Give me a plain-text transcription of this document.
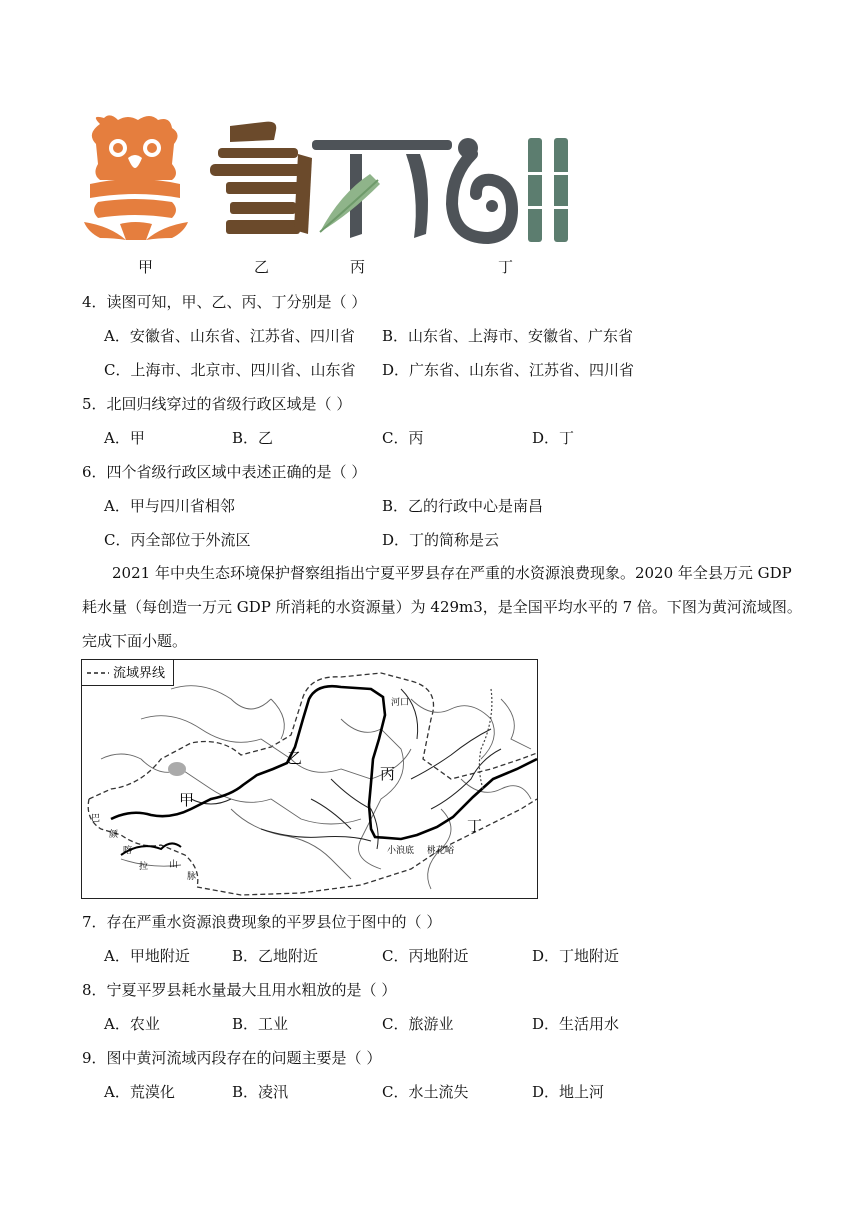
甲	乙	丙	丁
4．读图可知，甲、乙、丙、丁分别是（ ）
A．安徽省、山东省、江苏省、四川省 B．山东省、上海市、安徽省、广东省
C．上海市、北京市、四川省、山东省 D．广东省、山东省、江苏省、四川省
5．北回归线穿过的省级行政区域是（ ）
A．甲	B．乙	C．丙	D．丁
6．四个省级行政区域中表述正确的是（ ）
A．甲与四川省相邻	B．乙的行政中心是南昌
C．丙全部位于外流区	D．丁的简称是云
2021 年中央生态环境保护督察组指出宁夏平罗县存在严重的水资源浪费现象。2020 年全县万元 GDP
耗水量（每创造一万元 GDP 所消耗的水资源量）为 429m3，是全国平均水平的 7 倍。下图为黄河流域图。
完成下面小题。
流域界线
甲
乙
丙
丁
河口
小浪底 桃花峪
巴
颜
喀
拉 山
脉
7．存在严重水资源浪费现象的平罗县位于图中的（ ）
A．甲地附近	B．乙地附近	C．丙地附近	D．丁地附近
8．宁夏平罗县耗水量最大且用水粗放的是（ ）
A．农业	B．工业	C．旅游业	D．生活用水
9．图中黄河流域丙段存在的问题主要是（ ）
A．荒漠化	B．凌汛	C．水土流失	D．地上河
